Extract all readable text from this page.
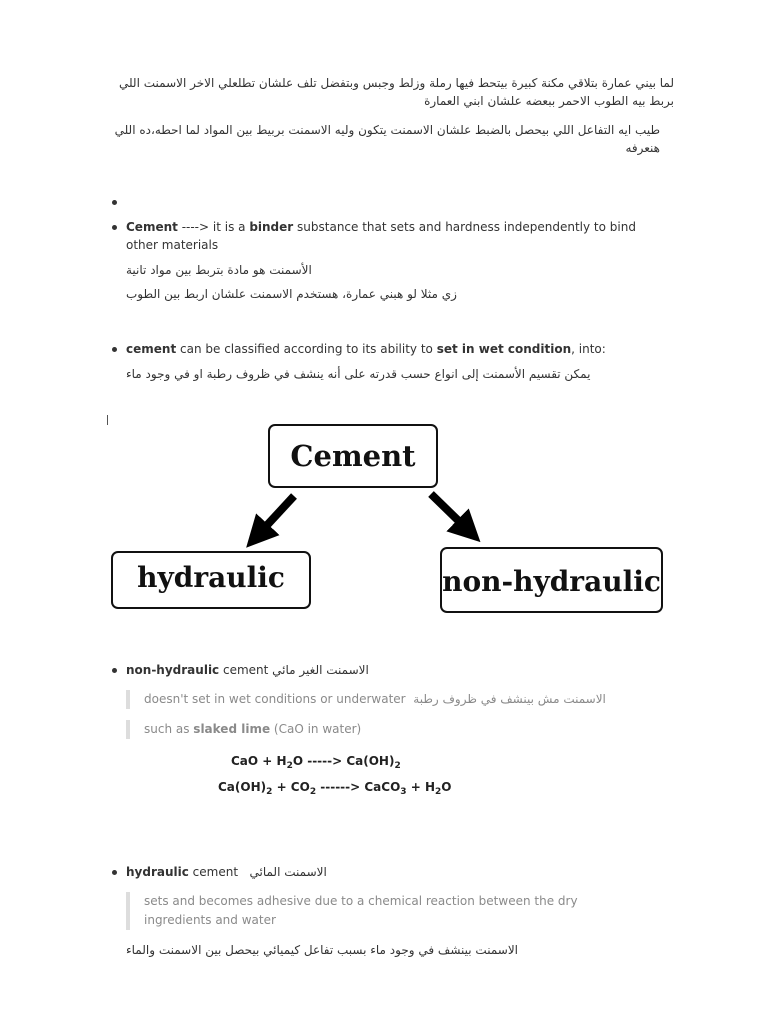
لما بيني عمارة بتلاقي مكنة كبيرة بيتحط فيها رملة وزلط وجبس وبتفضل تلف علشان تطلعلي الاخر الاسمنت اللي بربط بيه الطوب الاحمر ببعضه علشان ابني العمارة
طيب ايه التفاعل اللي بيحصل بالضبط علشان الاسمنت يتكون وليه الاسمنت بربيط بين المواد لما احطه،ده اللي هنعرفه
Cement ----> it is a binder substance that sets and hardness independently to bind other materials
الأسمنت هو مادة بتربط بين مواد تانية
زي مثلا لو هبني عمارة، هستخدم الاسمنت علشان اربط بين الطوب
cement can be classified according to its ability to set in wet condition, into:
يمكن تقسيم الأسمنت إلى انواع حسب قدرته على أنه ينشف في ظروف رطبة او في وجود ماء
Cement
hydraulic	non-hydraulic
non-hydraulic cement الاسمنت الغير مائي
doesn't set in wet conditions or underwater الاسمنت مش بينشف في ظروف رطبة
such as slaked lime (CaO in water)
CaO + $H_2O$ -----> $Ca(OH)_2$
$Ca(OH)_2 + CO_2$ ------> CaCO$_3$ + $H_2O$
hydraulic cement الاسمنت المائي
sets and becomes adhesive due to a chemical reaction between the dry ingredients and water
الاسمنت بينشف في وجود ماء بسبب تفاعل كيميائي بيحصل بين الاسمنت والماء
